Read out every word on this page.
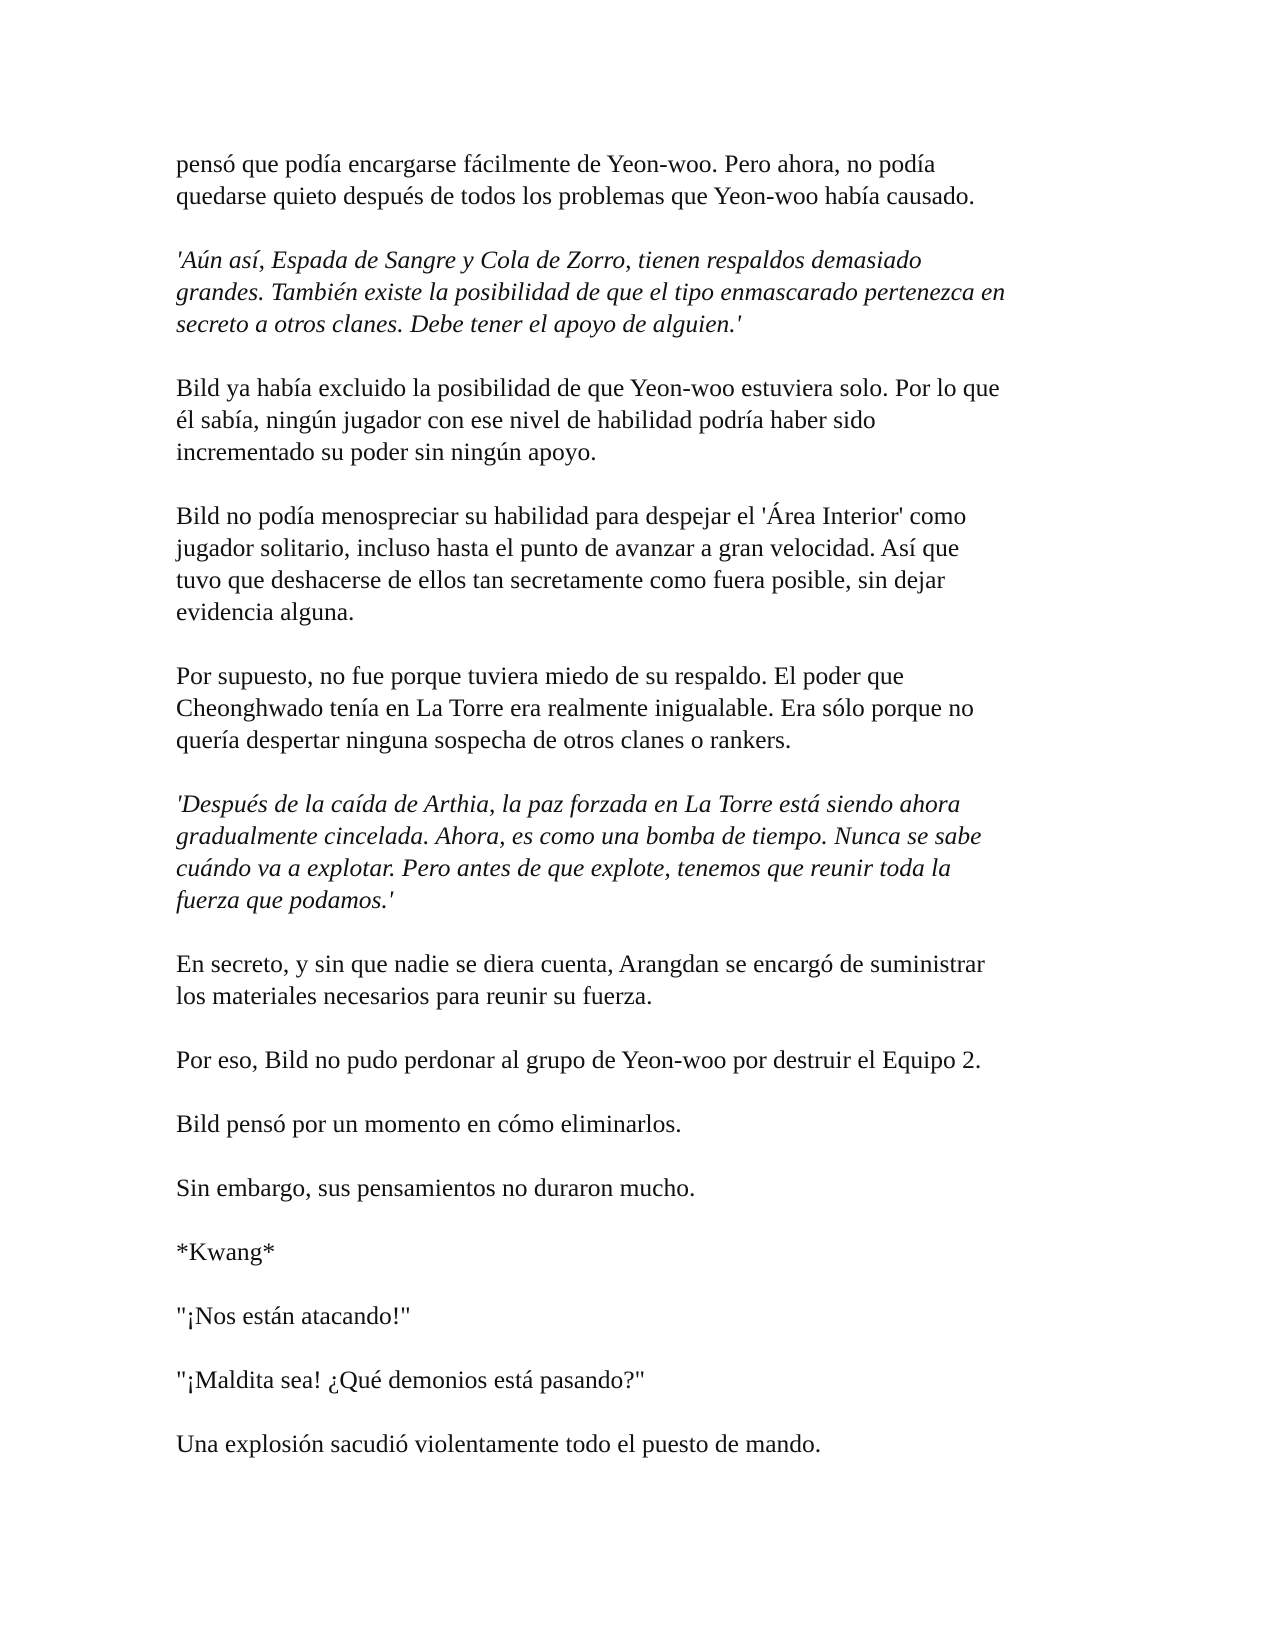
pensó que podía encargarse fácilmente de Yeon-woo. Pero ahora, no podía
quedarse quieto después de todos los problemas que Yeon-woo había causado.

'Aún así, Espada de Sangre y Cola de Zorro, tienen respaldos demasiado
grandes. También existe la posibilidad de que el tipo enmascarado pertenezca en
secreto a otros clanes. Debe tener el apoyo de alguien.'

Bild ya había excluido la posibilidad de que Yeon-woo estuviera solo. Por lo que
él sabía, ningún jugador con ese nivel de habilidad podría haber sido
incrementado su poder sin ningún apoyo.

Bild no podía menospreciar su habilidad para despejar el 'Área Interior' como
jugador solitario, incluso hasta el punto de avanzar a gran velocidad. Así que
tuvo que deshacerse de ellos tan secretamente como fuera posible, sin dejar
evidencia alguna.

Por supuesto, no fue porque tuviera miedo de su respaldo. El poder que
Cheonghwado tenía en La Torre era realmente inigualable. Era sólo porque no
quería despertar ninguna sospecha de otros clanes o rankers.

'Después de la caída de Arthia, la paz forzada en La Torre está siendo ahora
gradualmente cincelada. Ahora, es como una bomba de tiempo. Nunca se sabe
cuándo va a explotar. Pero antes de que explote, tenemos que reunir toda la
fuerza que podamos.'

En secreto, y sin que nadie se diera cuenta, Arangdan se encargó de suministrar
los materiales necesarios para reunir su fuerza.

Por eso, Bild no pudo perdonar al grupo de Yeon-woo por destruir el Equipo 2.

Bild pensó por un momento en cómo eliminarlos.

Sin embargo, sus pensamientos no duraron mucho.

*Kwang*

"¡Nos están atacando!"

"¡Maldita sea! ¿Qué demonios está pasando?"

Una explosión sacudió violentamente todo el puesto de mando.
